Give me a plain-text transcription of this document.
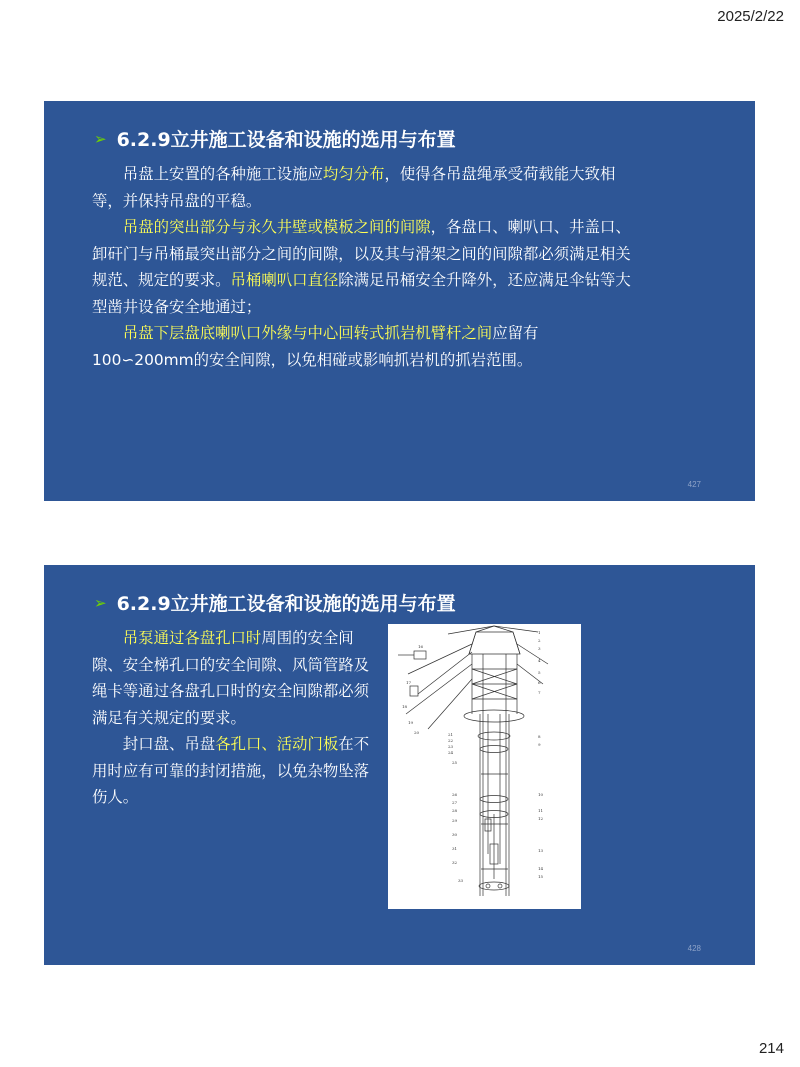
2025/2/22
➢ 6.2.9立井施工设备和设施的选用与布置

吊盘上安置的各种施工设施应均匀分布，使得各吊盘绳承受荷载能大致相等，并保持吊盘的平稳。

吊盘的突出部分与永久井壁或模板之间的间隙，各盘口、喇叭口、井盖口、卸矸门与吊桶最突出部分之间的间隙，以及其与滑架之间的间隙都必须满足相关规范、规定的要求。吊桶喇叭口直径除满足吊桶安全升降外，还应满足伞钻等大型凿井设备安全地通过；

吊盘下层盘底喇叭口外缘与中心回转式抓岩机臂杆之间应留有100∽200mm的安全间隙，以免相碰或影响抓岩机的抓岩范围。

427
➢ 6.2.9立井施工设备和设施的选用与布置

吊泵通过各盘孔口时周围的安全间隙、安全梯孔口的安全间隙、风筒管路及绳卡等通过各盘孔口时的安全间隙都必须满足有关规定的要求。

封口盘、吊盘各孔口、活动门板在不用时应有可靠的封闭措施，以免杂物坠落伤人。

16
17
18
19
20	21
22
23
24
25
26
27
28
29
30
31
32
33
1
2
3
4
5
6
7
8
9
10
11
12
13
14
15
428
214
